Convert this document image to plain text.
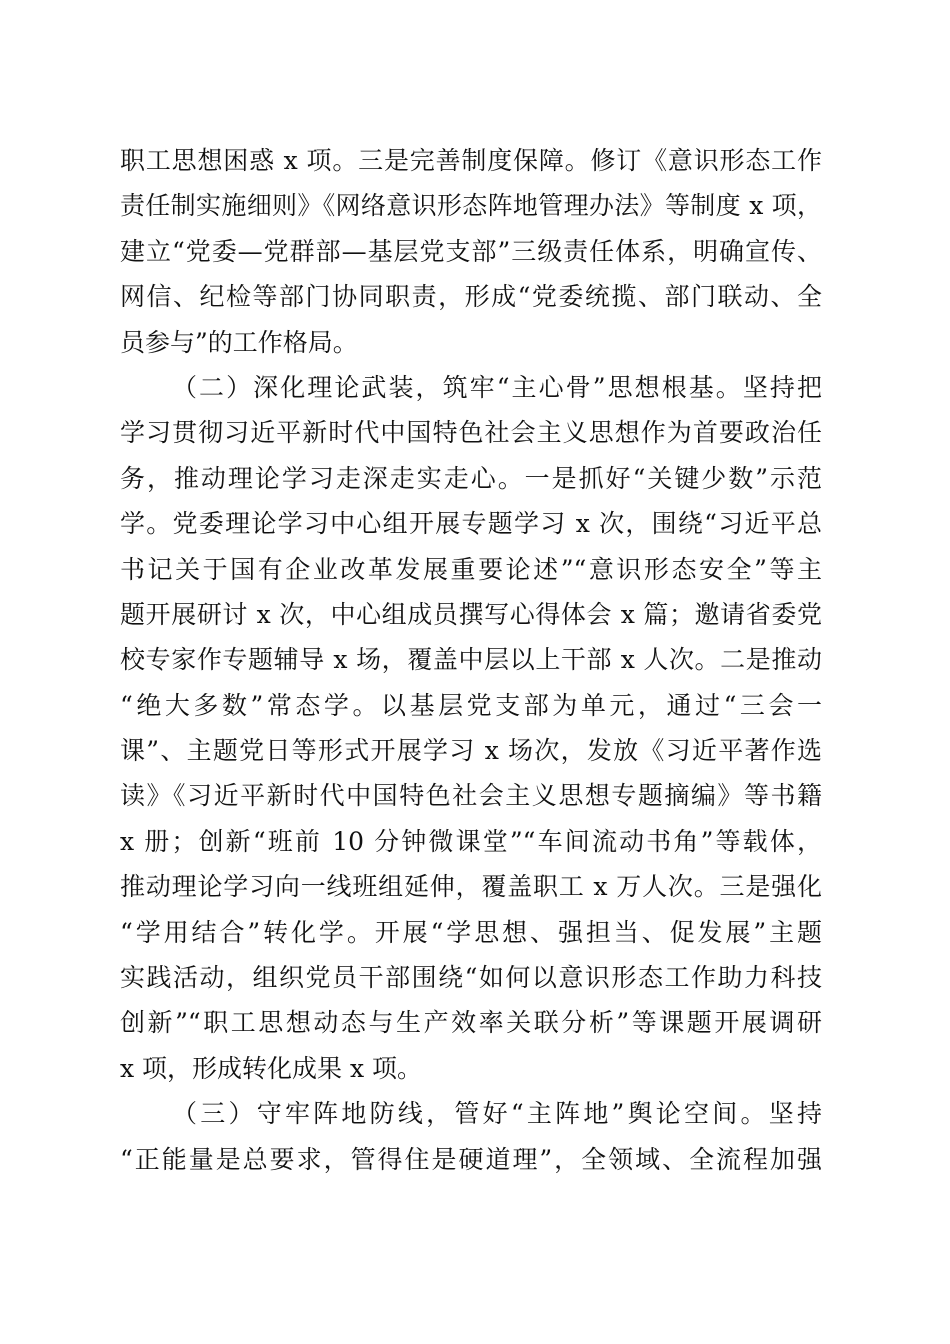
职工思想困惑 x 项。三是完善制度保障。修订《意识形态工作
责任制实施细则》《网络意识形态阵地管理办法》等制度 x 项，
建立“党委—党群部—基层党支部”三级责任体系，明确宣传、
网信、纪检等部门协同职责，形成“党委统揽、部门联动、全
员参与”的工作格局。
（二）深化理论武装，筑牢“主心骨”思想根基。坚持把
学习贯彻习近平新时代中国特色社会主义思想作为首要政治任
务，推动理论学习走深走实走心。一是抓好“关键少数”示范
学。党委理论学习中心组开展专题学习 x 次，围绕“习近平总
书记关于国有企业改革发展重要论述”“意识形态安全”等主
题开展研讨 x 次，中心组成员撰写心得体会 x 篇；邀请省委党
校专家作专题辅导 x 场，覆盖中层以上干部 x 人次。二是推动
“绝大多数”常态学。以基层党支部为单元，通过“三会一
课”、主题党日等形式开展学习 x 场次，发放《习近平著作选
读》《习近平新时代中国特色社会主义思想专题摘编》等书籍
x 册；创新“班前 10 分钟微课堂”“车间流动书角”等载体，
推动理论学习向一线班组延伸，覆盖职工 x 万人次。三是强化
“学用结合”转化学。开展“学思想、强担当、促发展”主题
实践活动，组织党员干部围绕“如何以意识形态工作助力科技
创新”“职工思想动态与生产效率关联分析”等课题开展调研
x 项，形成转化成果 x 项。
（三）守牢阵地防线，管好“主阵地”舆论空间。坚持
“正能量是总要求，管得住是硬道理”，全领域、全流程加强
